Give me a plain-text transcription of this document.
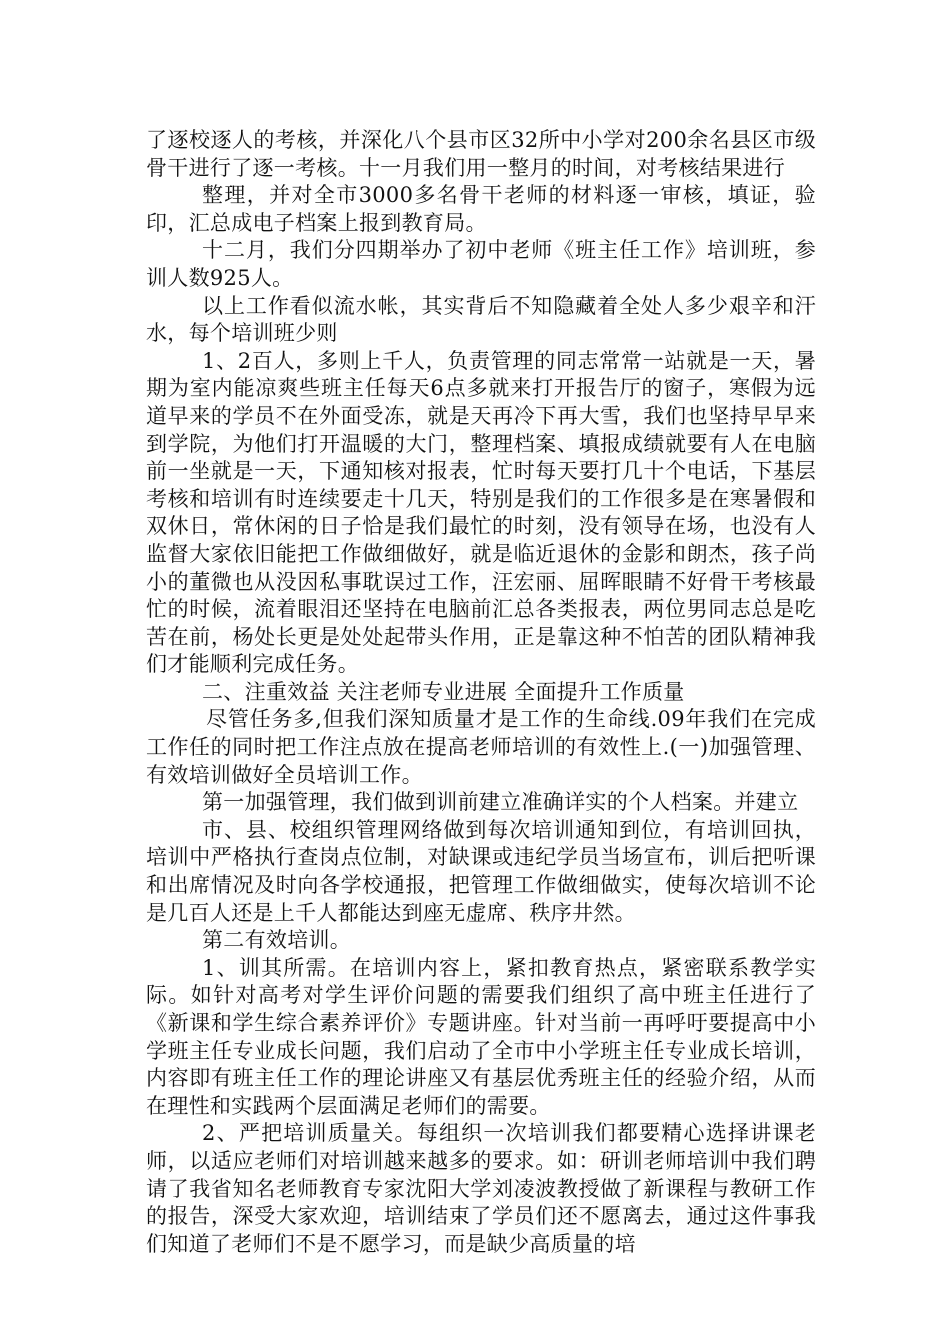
了逐校逐人的考核，并深化八个县市区32所中小学对200余名县区市级骨干进行了逐一考核。十一月我们用一整月的时间，对考核结果进行

整理，并对全市3000多名骨干老师的材料逐一审核，填证，验印，汇总成电子档案上报到教育局。

十二月，我们分四期举办了初中老师《班主任工作》培训班，参训人数925人。

以上工作看似流水帐，其实背后不知隐藏着全处人多少艰辛和汗水，每个培训班少则

1、2百人，多则上千人，负责管理的同志常常一站就是一天，暑期为室内能凉爽些班主任每天6点多就来打开报告厅的窗子，寒假为远道早来的学员不在外面受冻，就是天再冷下再大雪，我们也坚持早早来到学院，为他们打开温暖的大门，整理档案、填报成绩就要有人在电脑前一坐就是一天，下通知核对报表，忙时每天要打几十个电话，下基层考核和培训有时连续要走十几天，特别是我们的工作很多是在寒暑假和双休日，常休闲的日子恰是我们最忙的时刻，没有领导在场，也没有人监督大家依旧能把工作做细做好，就是临近退休的金影和朗杰，孩子尚小的董微也从没因私事耽误过工作，汪宏丽、屈晖眼睛不好骨干考核最忙的时候，流着眼泪还坚持在电脑前汇总各类报表，两位男同志总是吃苦在前，杨处长更是处处起带头作用，正是靠这种不怕苦的团队精神我们才能顺利完成任务。

二、注重效益 关注老师专业进展 全面提升工作质量

尽管任务多,但我们深知质量才是工作的生命线.09年我们在完成工作任的同时把工作注点放在提高老师培训的有效性上.(一)加强管理、有效培训做好全员培训工作。

第一加强管理，我们做到训前建立准确详实的个人档案。并建立

市、县、校组织管理网络做到每次培训通知到位，有培训回执，培训中严格执行查岗点位制，对缺课或违纪学员当场宣布，训后把听课和出席情况及时向各学校通报，把管理工作做细做实，使每次培训不论是几百人还是上千人都能达到座无虚席、秩序井然。

第二有效培训。

1、训其所需。在培训内容上，紧扣教育热点，紧密联系教学实际。如针对高考对学生评价问题的需要我们组织了高中班主任进行了《新课和学生综合素养评价》专题讲座。针对当前一再呼吁要提高中小学班主任专业成长问题，我们启动了全市中小学班主任专业成长培训，内容即有班主任工作的理论讲座又有基层优秀班主任的经验介绍，从而在理性和实践两个层面满足老师们的需要。

2、严把培训质量关。每组织一次培训我们都要精心选择讲课老师，以适应老师们对培训越来越多的要求。如：研训老师培训中我们聘请了我省知名老师教育专家沈阳大学刘凌波教授做了新课程与教研工作的报告，深受大家欢迎，培训结束了学员们还不愿离去，通过这件事我们知道了老师们不是不愿学习，而是缺少高质量的培
